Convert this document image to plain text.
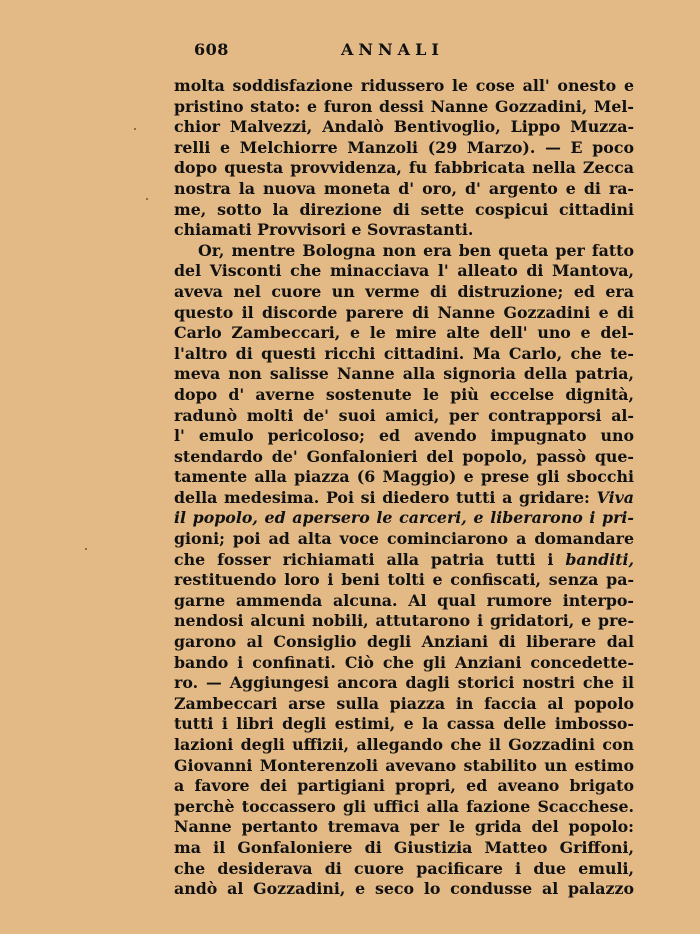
608	ANNALI
molta soddisfazione ridussero le cose all' onesto e
pristino stato: e furon dessi Nanne Gozzadini, Mel-
chior Malvezzi, Andalò Bentivoglio, Lippo Muzza-
relli e Melchiorre Manzoli (29 Marzo). — E poco
dopo questa provvidenza, fu fabbricata nella Zecca
nostra la nuova moneta d' oro, d' argento e di ra-
me, sotto la direzione di sette cospicui cittadini
chiamati Provvisori e Sovrastanti.
Or, mentre Bologna non era ben queta per fatto
del Visconti che minacciava l' alleato di Mantova,
aveva nel cuore un verme di distruzione; ed era
questo il discorde parere di Nanne Gozzadini e di
Carlo Zambeccari, e le mire alte dell' uno e del-
l'altro di questi ricchi cittadini. Ma Carlo, che te-
meva non salisse Nanne alla signoria della patria,
dopo d' averne sostenute le più eccelse dignità,
radunò molti de' suoi amici, per contrapporsi al-
l' emulo pericoloso; ed avendo impugnato uno
stendardo de' Gonfalonieri del popolo, passò que-
tamente alla piazza (6 Maggio) e prese gli sbocchi
della medesima. Poi si diedero tutti a gridare: Viva
il popolo, ed apersero le carceri, e liberarono i pri-
gioni; poi ad alta voce cominciarono a domandare
che fosser richiamati alla patria tutti i banditi,
restituendo loro i beni tolti e confiscati, senza pa-
garne ammenda alcuna. Al qual rumore interpo-
nendosi alcuni nobili, attutarono i gridatori, e pre-
garono al Consiglio degli Anziani di liberare dal
bando i confinati. Ciò che gli Anziani concedette-
ro. — Aggiungesi ancora dagli storici nostri che il
Zambeccari arse sulla piazza in faccia al popolo
tutti i libri degli estimi, e la cassa delle imbosso-
lazioni degli uffizii, allegando che il Gozzadini con
Giovanni Monterenzoli avevano stabilito un estimo
a favore dei partigiani propri, ed aveano brigato
perchè toccassero gli uffici alla fazione Scacchese.
Nanne pertanto tremava per le grida del popolo:
ma il Gonfaloniere di Giustizia Matteo Griffoni,
che desiderava di cuore pacificare i due emuli,
andò al Gozzadini, e seco lo condusse al palazzo
